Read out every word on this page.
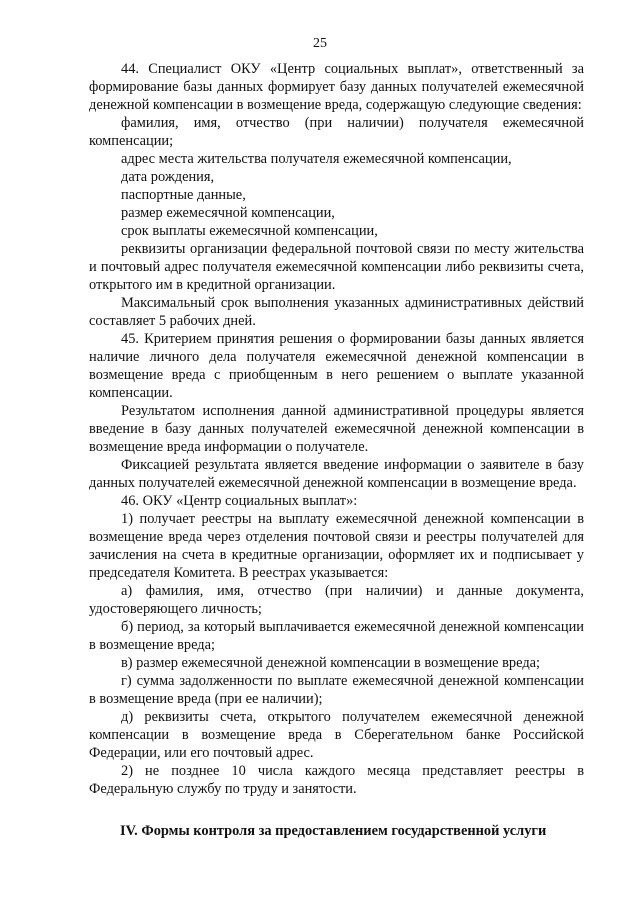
25

44. Специалист ОКУ «Центр социальных выплат», ответственный за формирование базы данных формирует базу данных получателей ежемесячной денежной компенсации в возмещение вреда, содержащую следующие сведения:

фамилия, имя, отчество (при наличии) получателя ежемесячной компенсации;

адрес места жительства получателя ежемесячной компенсации,

дата рождения,

паспортные данные,

размер ежемесячной компенсации,

срок выплаты ежемесячной компенсации,

реквизиты организации федеральной почтовой связи по месту жительства и почтовый адрес получателя ежемесячной компенсации либо реквизиты счета, открытого им в кредитной организации.

Максимальный срок выполнения указанных административных действий составляет 5 рабочих дней.

45. Критерием принятия решения о формировании базы данных является наличие личного дела получателя ежемесячной денежной компенсации в возмещение вреда с приобщенным в него решением о выплате указанной компенсации.

Результатом исполнения данной административной процедуры является введение в базу данных получателей ежемесячной денежной компенсации в возмещение вреда информации о получателе.

Фиксацией результата является введение информации о заявителе в базу данных получателей ежемесячной денежной компенсации в возмещение вреда.

46. ОКУ «Центр социальных выплат»:

1) получает реестры на выплату ежемесячной денежной компенсации в возмещение вреда через отделения почтовой связи и реестры получателей для зачисления на счета в кредитные организации, оформляет их и подписывает у председателя Комитета. В реестрах указывается:

а) фамилия, имя, отчество (при наличии) и данные документа, удостоверяющего личность;

б) период, за который выплачивается ежемесячной денежной компенсации в возмещение вреда;

в) размер ежемесячной денежной компенсации в возмещение вреда;

г) сумма задолженности по выплате ежемесячной денежной компенсации в возмещение вреда (при ее наличии);

д) реквизиты счета, открытого получателем ежемесячной денежной компенсации в возмещение вреда в Сберегательном банке Российской Федерации, или его почтовый адрес.

2) не позднее 10 числа каждого месяца представляет реестры в Федеральную службу по труду и занятости.

IV. Формы контроля за предоставлением государственной услуги
